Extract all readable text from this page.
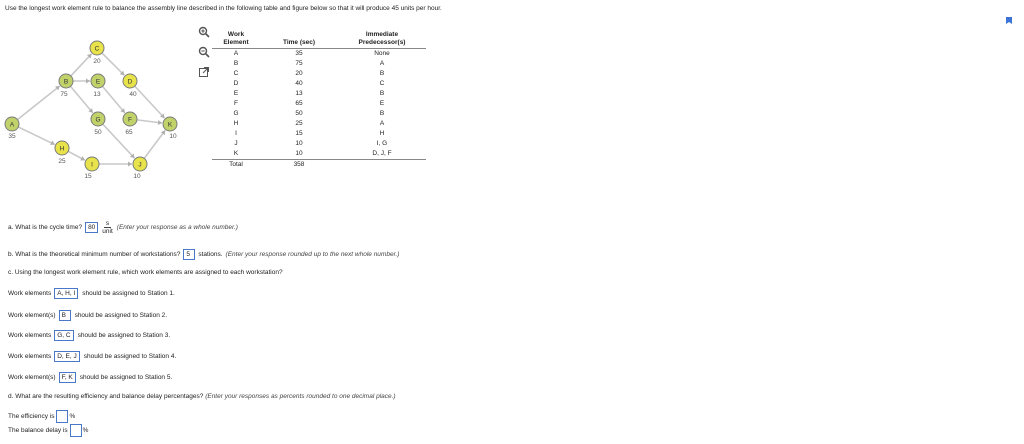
Use the longest work element rule to balance the assembly line described in the following table and figure below so that it will produce 45 units per hour.
A
35
B
75
C
20
D
40
E
13
F
65
G
50
H
25	I
15
J
10
K
10
Work Element	Time (sec)	Immediate Predecessor(s)
A	35	None
B	75	A
C	20	B
D	40	C
E	13	B
F	65	E
G	50	B
H	25	A
I	15	H
J	10	I, G
K	10	D, J, F
Total	358	
a. What is the cycle time? 80
s
unit
(Enter your response as a whole number.)
b. What is the theoretical minimum number of workstations? 5	stations. (Enter your response rounded up to the next whole number.)
c. Using the longest work element rule, which work elements are assigned to each workstation?
Work elements A, H, I	should be assigned to Station 1.
Work element(s) B	should be assigned to Station 2.
Work elements G, C	should be assigned to Station 3.
Work elements D, E, J	should be assigned to Station 4.
Work element(s) F, K	should be assigned to Station 5.
d. What are the resulting efficiency and balance delay percentages? (Enter your responses as percents rounded to one decimal place.)
The efficiency is %
The balance delay is %
